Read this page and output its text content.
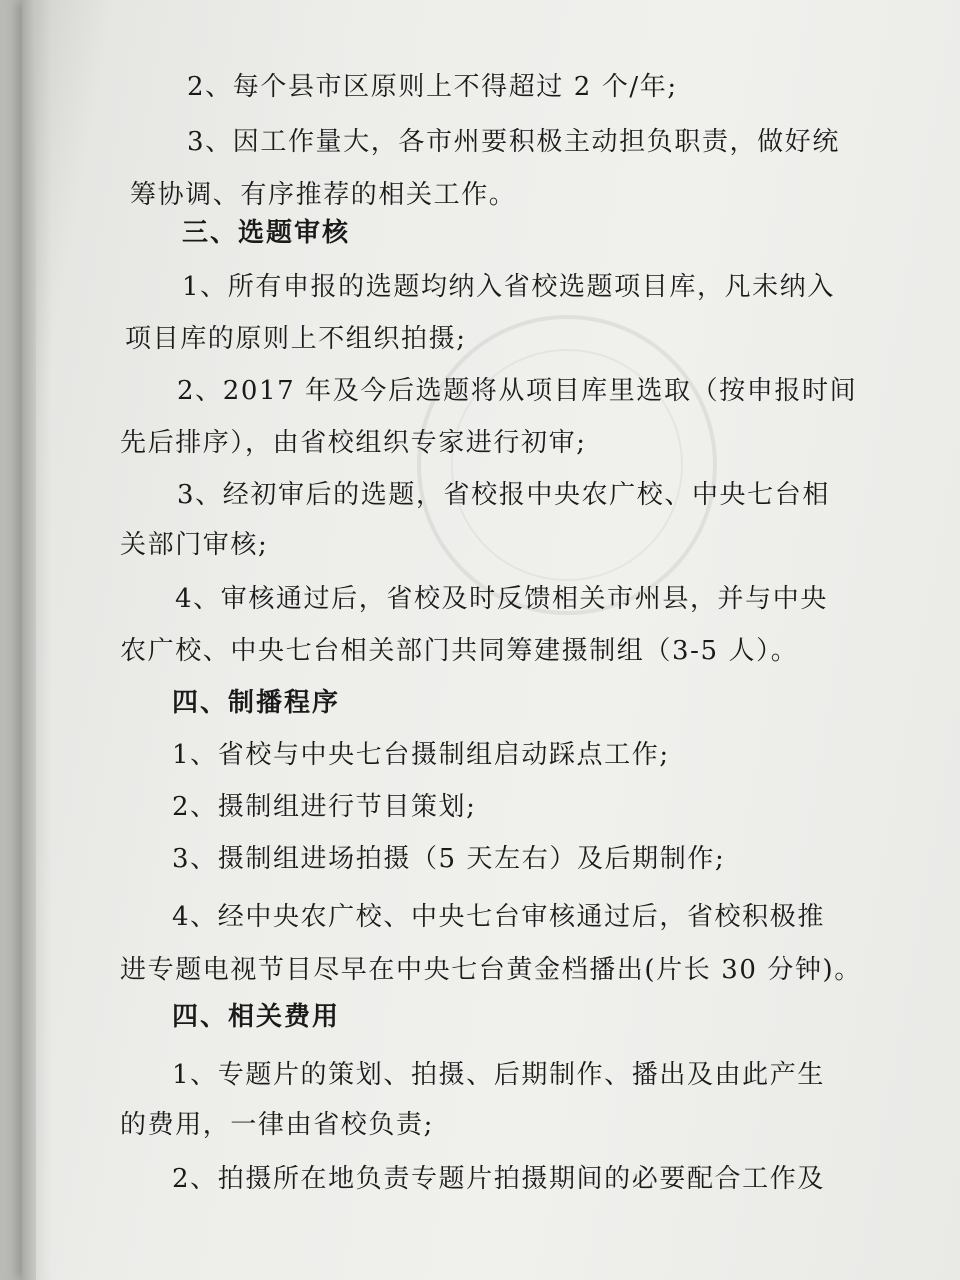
2、每个县市区原则上不得超过 2 个/年;

3、因工作量大，各市州要积极主动担负职责，做好统

筹协调、有序推荐的相关工作。

三、选题审核

1、所有申报的选题均纳入省校选题项目库，凡未纳入

项目库的原则上不组织拍摄;

2、2017 年及今后选题将从项目库里选取（按申报时间

先后排序），由省校组织专家进行初审;

3、经初审后的选题，省校报中央农广校、中央七台相

关部门审核;

4、审核通过后，省校及时反馈相关市州县，并与中央

农广校、中央七台相关部门共同筹建摄制组（3-5 人）。

四、制播程序

1、省校与中央七台摄制组启动踩点工作;

2、摄制组进行节目策划;

3、摄制组进场拍摄（5 天左右）及后期制作;

4、经中央农广校、中央七台审核通过后，省校积极推

进专题电视节目尽早在中央七台黄金档播出(片长 30 分钟)。

四、相关费用

1、专题片的策划、拍摄、后期制作、播出及由此产生

的费用，一律由省校负责;

2、拍摄所在地负责专题片拍摄期间的必要配合工作及
